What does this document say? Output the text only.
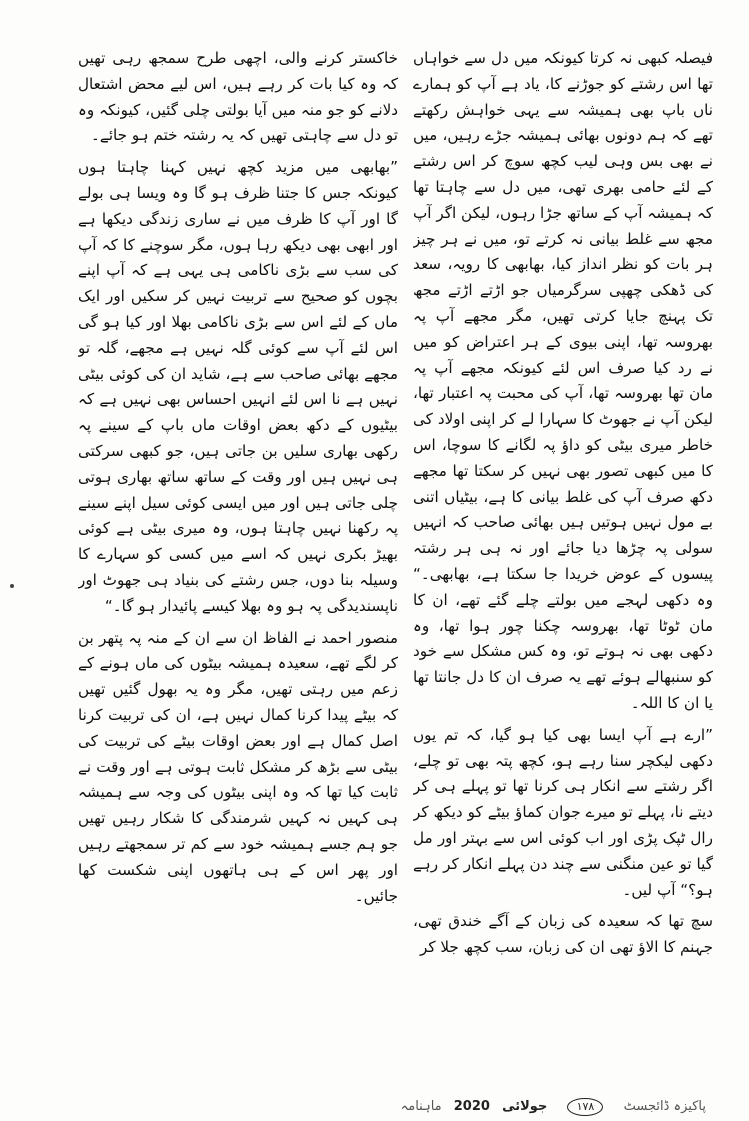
فیصلہ کبھی نہ کرتا کیونکہ میں دل سے خواہاں تھا اس رشتے کو جوڑنے کا، یاد ہے آپ کو ہمارے ناں باپ بھی ہمیشہ سے یہی خواہش رکھتے تھے کہ ہم دونوں بھائی ہمیشہ جڑے رہیں، میں نے بھی بس وہی لیب کچھ سوچ کر اس رشتے کے لئے حامی بھری تھی، میں دل سے چاہتا تھا کہ ہمیشہ آپ کے ساتھ جڑا رہوں، لیکن اگر آپ مجھ سے غلط بیانی نہ کرتے تو، میں نے ہر چیز ہر بات کو نظر انداز کیا، بھابھی کا رویہ، سعد کی ڈھکی چھپی سرگرمیاں جو اڑتے اڑتے مجھ تک پہنچ جایا کرتی تھیں، مگر مجھے آپ پہ بھروسہ تھا، اپنی بیوی کے ہر اعتراض کو میں نے رد کیا صرف اس لئے کیونکہ مجھے آپ پہ مان تھا بھروسہ تھا، آپ کی محبت پہ اعتبار تھا، لیکن آپ نے جھوٹ کا سہارا لے کر اپنی اولاد کی خاطر میری بیٹی کو داؤ پہ لگانے کا سوچا، اس کا میں کبھی تصور بھی نہیں کر سکتا تھا مجھے دکھ صرف آپ کی غلط بیانی کا ہے، بیٹیاں اتنی بے مول نہیں ہوتیں ہیں بھائی صاحب کہ انہیں سولی پہ چڑھا دیا جائے اور نہ ہی ہر رشتہ پیسوں کے عوض خریدا جا سکتا ہے، بھابھی۔“ وہ دکھی لہجے میں بولتے چلے گئے تھے، ان کا مان ٹوٹا تھا، بھروسہ چکنا چور ہوا تھا، وہ دکھی بھی نہ ہوتے تو، وہ کس مشکل سے خود کو سنبھالے ہوئے تھے یہ صرف ان کا دل جانتا تھا یا ان کا اللہ۔

”ارے ہے آپ ایسا بھی کیا ہو گیا، کہ تم یوں دکھی لیکچر سنا رہے ہو، کچھ پتہ بھی تو چلے، اگر رشتے سے انکار ہی کرنا تھا تو پہلے ہی کر دیتے نا، پہلے تو میرے جوان کماؤ بیٹے کو دیکھ کر رال ٹپک پڑی اور اب کوئی اس سے بہتر اور مل گیا تو عین منگنی سے چند دن پہلے انکار کر رہے ہو؟“ آپ لیں۔

سچ تھا کہ سعیدہ کی زبان کے آگے خندق تھی، جہنم کا الاؤ تھی ان کی زبان، سب کچھ جلا کر

خاکستر کرنے والی، اچھی طرح سمجھ رہی تھیں کہ وہ کیا بات کر رہے ہیں، اس لیے محض اشتعال دلانے کو جو منہ میں آیا بولتی چلی گئیں، کیونکہ وہ تو دل سے چاہتی تھیں کہ یہ رشتہ ختم ہو جائے۔

”بھابھی میں مزید کچھ نہیں کہنا چاہتا ہوں کیونکہ جس کا جتنا ظرف ہو گا وہ ویسا ہی بولے گا اور آپ کا ظرف میں نے ساری زندگی دیکھا ہے اور ابھی بھی دیکھ رہا ہوں، مگر سوچنے کا کہ آپ کی سب سے بڑی ناکامی ہی یہی ہے کہ آپ اپنے بچوں کو صحیح سے تربیت نہیں کر سکیں اور ایک ماں کے لئے اس سے بڑی ناکامی بھلا اور کیا ہو گی اس لئے آپ سے کوئی گلہ نہیں ہے مجھے، گلہ تو مجھے بھائی صاحب سے ہے، شاید ان کی کوئی بیٹی نہیں ہے نا اس لئے انہیں احساس بھی نہیں ہے کہ بیٹیوں کے دکھ بعض اوقات ماں باپ کے سینے پہ رکھی بھاری سلیں بن جاتی ہیں، جو کبھی سرکتی ہی نہیں ہیں اور وقت کے ساتھ ساتھ بھاری ہوتی چلی جاتی ہیں اور میں ایسی کوئی سیل اپنے سینے پہ رکھنا نہیں چاہتا ہوں، وہ میری بیٹی ہے کوئی بھیڑ بکری نہیں کہ اسے میں کسی کو سہارے کا وسیلہ بنا دوں، جس رشتے کی بنیاد ہی جھوٹ اور ناپسندیدگی پہ ہو وہ بھلا کیسے پائیدار ہو گا۔“

منصور احمد نے الفاظ ان سے ان کے منہ پہ پتھر بن کر لگے تھے، سعیدہ ہمیشہ بیٹوں کی ماں ہونے کے زعم میں رہتی تھیں، مگر وہ یہ بھول گئیں تھیں کہ بیٹے پیدا کرنا کمال نہیں ہے، ان کی تربیت کرنا اصل کمال ہے اور بعض اوقات بیٹے کی تربیت کی بیٹی سے بڑھ کر مشکل ثابت ہوتی ہے اور وقت نے ثابت کیا تھا کہ وہ اپنی بیٹوں کی وجہ سے ہمیشہ ہی کہیں نہ کہیں شرمندگی کا شکار رہیں تھیں جو ہم جسے ہمیشہ خود سے کم تر سمجھتے رہیں اور پھر اس کے ہی ہاتھوں اپنی شکست کھا جائیں۔

پاکیزہ ڈائجسٹ ۱۷۸ جولائی 2020 ماہنامہ
